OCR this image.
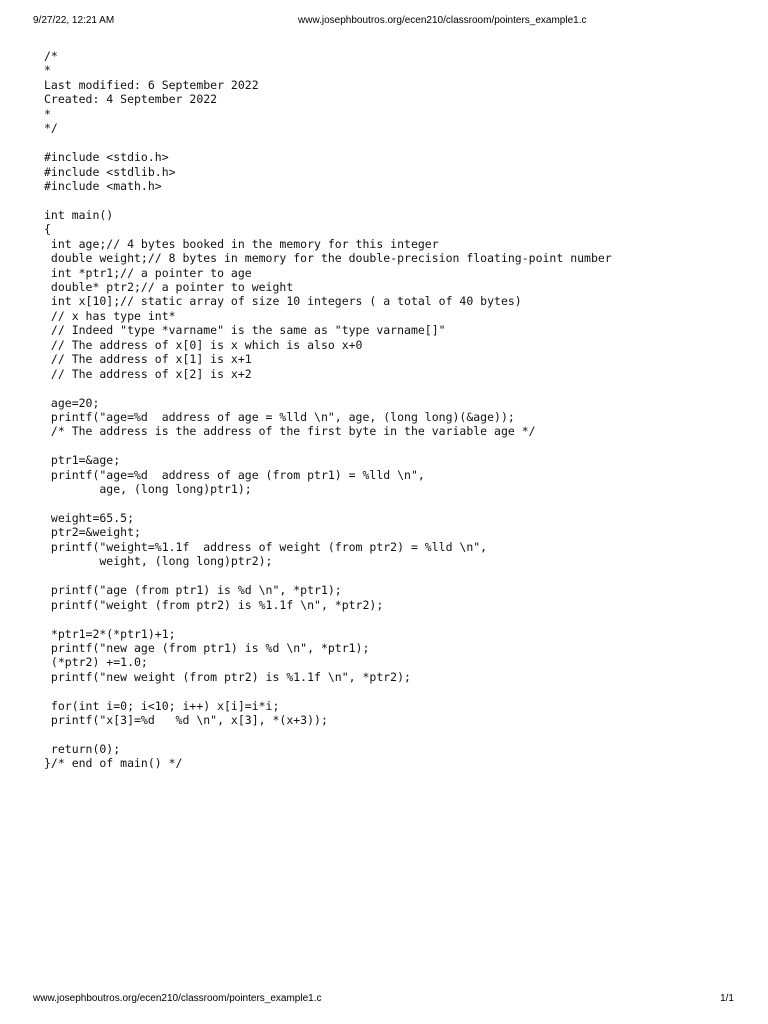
9/27/22, 12:21 AM	www.josephboutros.org/ecen210/classroom/pointers_example1.c
/*
*
Last modified: 6 September 2022
Created: 4 September 2022
*
*/
#include <stdio.h>
#include <stdlib.h>
#include <math.h>
int main()
{
int age;// 4 bytes booked in the memory for this integer
double weight;// 8 bytes in memory for the double-precision floating-point number
int *ptr1;// a pointer to age
double* ptr2;// a pointer to weight
int x[10];// static array of size 10 integers ( a total of 40 bytes)
// x has type int*
// Indeed "type *varname" is the same as "type varname[]"
// The address of x[0] is x which is also x+0
// The address of x[1] is x+1
// The address of x[2] is x+2
age=20;
printf("age=%d  address of age = %lld \n", age, (long long)(&age));
/* The address is the address of the first byte in the variable age */
ptr1=&age;
printf("age=%d  address of age (from ptr1) = %lld \n",
age, (long long)ptr1);
weight=65.5;
ptr2=&weight;
printf("weight=%1.1f  address of weight (from ptr2) = %lld \n",
weight, (long long)ptr2);
printf("age (from ptr1) is %d \n", *ptr1);
printf("weight (from ptr2) is %1.1f \n", *ptr2);
*ptr1=2*(*ptr1)+1;
printf("new age (from ptr1) is %d \n", *ptr1);
(*ptr2) +=1.0;
printf("new weight (from ptr2) is %1.1f \n", *ptr2);
for(int i=0; i<10; i++) x[i]=i*i;
printf("x[3]=%d   %d \n", x[3], *(x+3));
return(0);
}/* end of main() */
www.josephboutros.org/ecen210/classroom/pointers_example1.c	1/1
